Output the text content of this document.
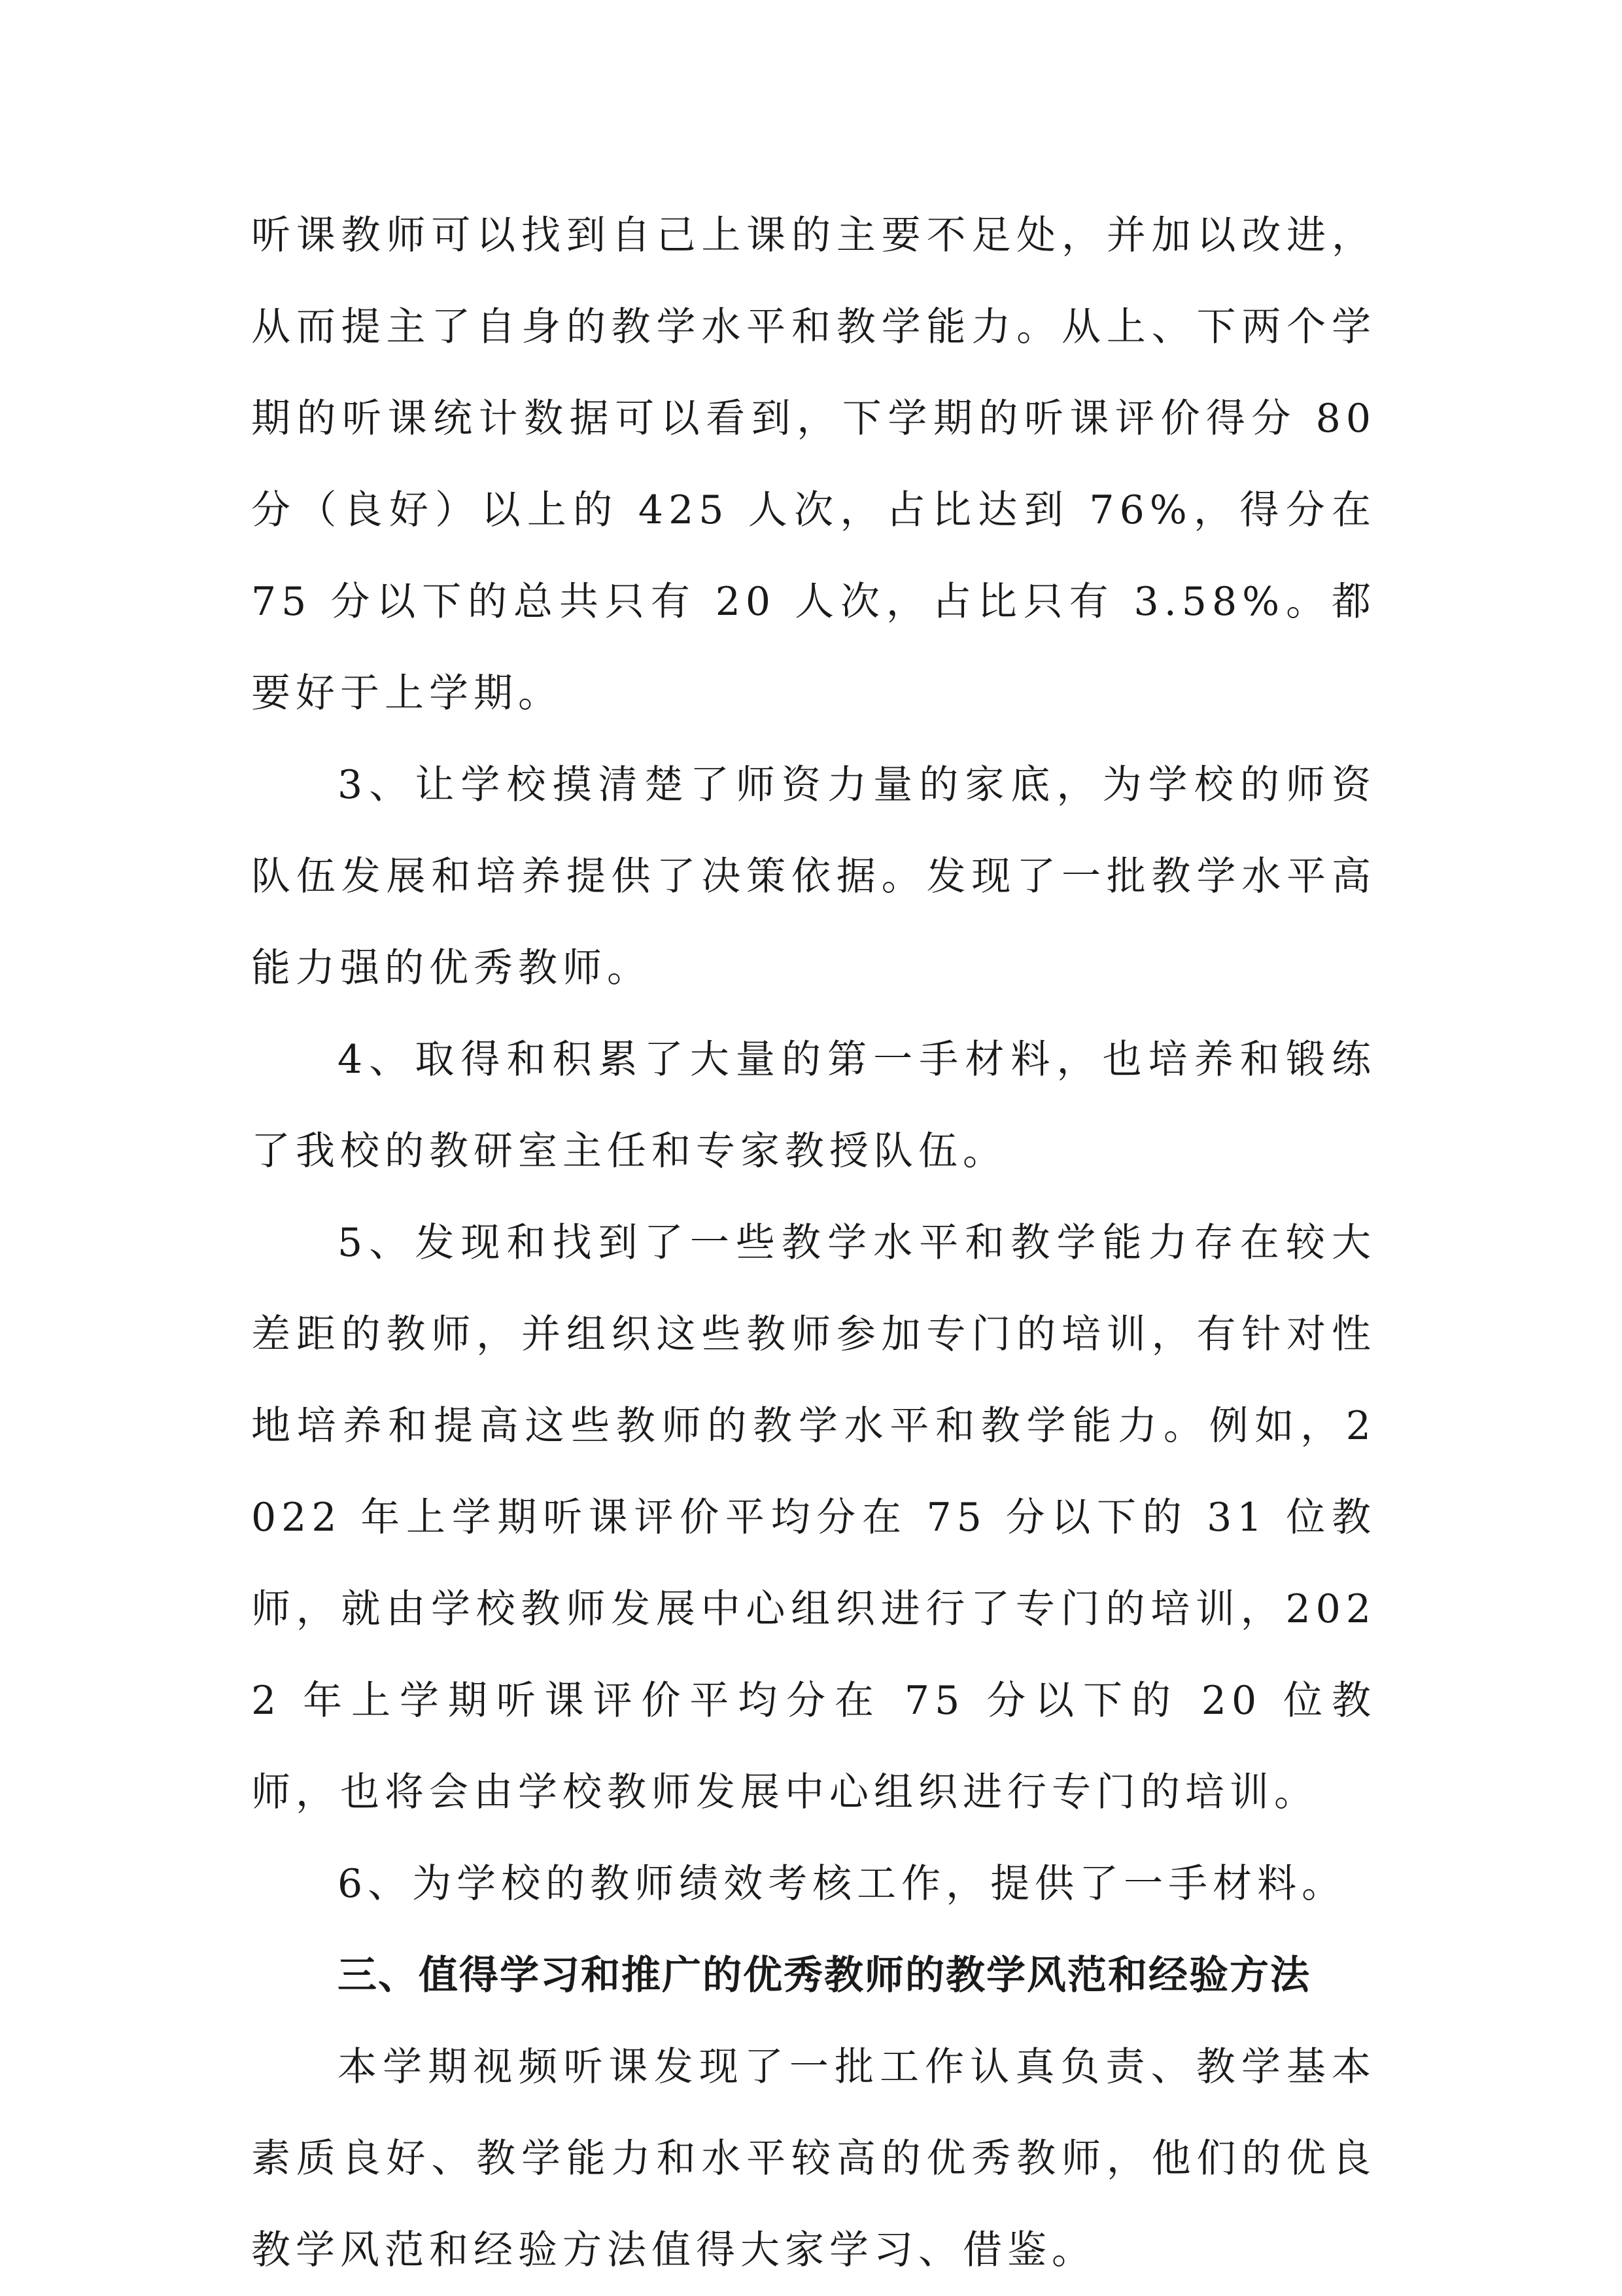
听课教师可以找到自己上课的主要不足处，并加以改进，从而提主了自身的教学水平和教学能力。从上、下两个学期的听课统计数据可以看到，下学期的听课评价得分 80 分（良好）以上的 425 人次，占比达到 76%，得分在 75 分以下的总共只有 20 人次，占比只有 3.58%。都要好于上学期。

3、让学校摸清楚了师资力量的家底，为学校的师资队伍发展和培养提供了决策依据。发现了一批教学水平高能力强的优秀教师。

4、取得和积累了大量的第一手材料，也培养和锻练了我校的教研室主任和专家教授队伍。

5、发现和找到了一些教学水平和教学能力存在较大差距的教师，并组织这些教师参加专门的培训，有针对性地培养和提高这些教师的教学水平和教学能力。例如，2022 年上学期听课评价平均分在 75 分以下的 31 位教师，就由学校教师发展中心组织进行了专门的培训，2022 年上学期听课评价平均分在 75 分以下的 20 位教师，也将会由学校教师发展中心组织进行专门的培训。

6、为学校的教师绩效考核工作，提供了一手材料。

三、值得学习和推广的优秀教师的教学风范和经验方法

本学期视频听课发现了一批工作认真负责、教学基本素质良好、教学能力和水平较高的优秀教师，他们的优良教学风范和经验方法值得大家学习、借鉴。
